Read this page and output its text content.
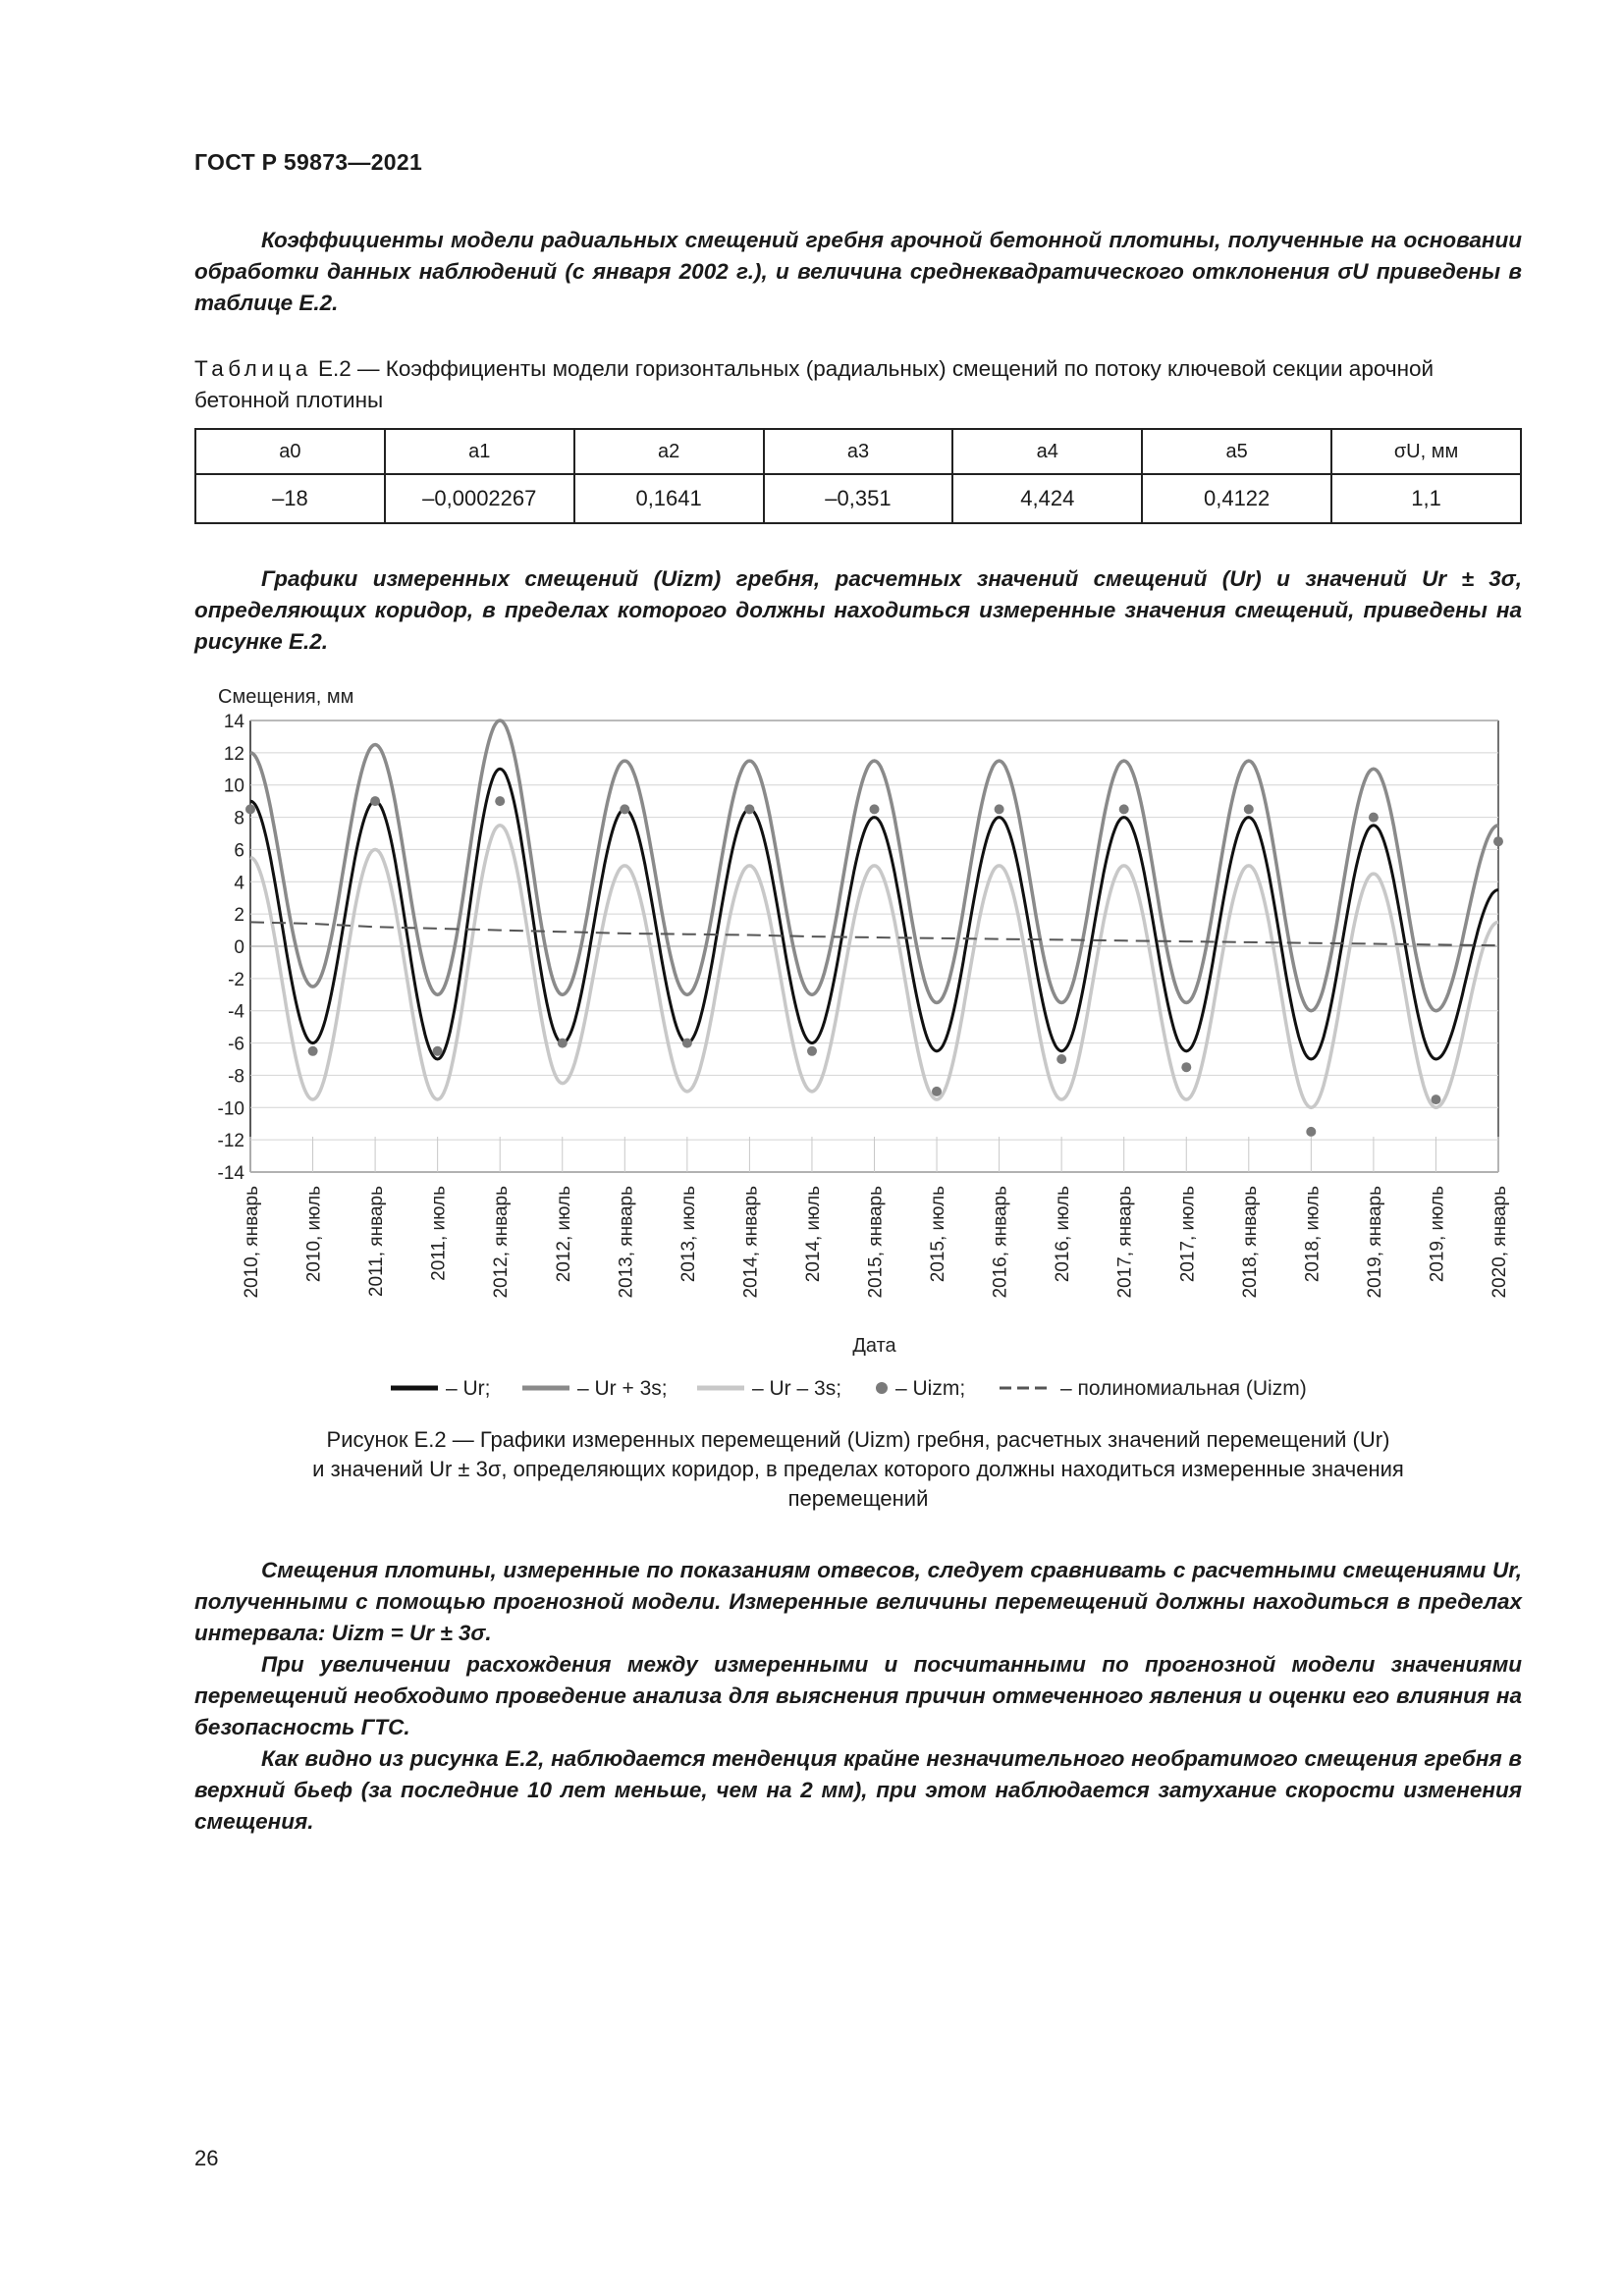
ГОСТ Р 59873—2021

Коэффициенты модели радиальных смещений гребня арочной бетонной плотины, полученные на основании обработки данных наблюдений (с января 2002 г.), и величина среднеквадратического отклонения σU приведены в таблице Е.2.

Таблица Е.2 — Коэффициенты модели горизонтальных (радиальных) смещений по потоку ключевой секции арочной бетонной плотины
a0	a1	a2	a3	a4	a5	σU, мм
–18	–0,0002267	0,1641	–0,351	4,424	0,4122	1,1

Графики измеренных смещений (Uizm) гребня, расчетных значений смещений (Ur) и значений Ur ± 3σ, определяющих коридор, в пределах которого должны находиться измеренные значения смещений, приведены на рисунке Е.2.

14
12
10
8
6
4
2
0
-2
-4
-6
-8
-10
-12
-14
Смещения, мм
2010, январь 2010, июль 2011, январь 2011, июль 2012, январь 2012, июль 2013, январь 2013, июль 2014, январь 2014, июль 2015, январь 2015, июль 2016, январь 2016, июль 2017, январь 2017, июль 2018, январь 2018, июль 2019, январь 2019, июль 2020, январь
Дата
– Ur;	– Ur + 3s;	– Ur – 3s;	– Uizm;	– полиномиальная (Uizm)
Рисунок Е.2 — Графики измеренных перемещений (Uizm) гребня, расчетных значений перемещений (Ur)
и значений Ur ± 3σ, определяющих коридор, в пределах которого должны находиться измеренные значения
перемещений

Смещения плотины, измеренные по показаниям отвесов, следует сравнивать с расчетными смещениями Ur, полученными с помощью прогнозной модели. Измеренные величины перемещений должны находиться в пределах интервала: Uizm = Ur ± 3σ.

При увеличении расхождения между измеренными и посчитанными по прогнозной модели значениями перемещений необходимо проведение анализа для выяснения причин отмеченного явления и оценки его влияния на безопасность ГТС.

Как видно из рисунка Е.2, наблюдается тенденция крайне незначительного необратимого смещения гребня в верхний бьеф (за последние 10 лет меньше, чем на 2 мм), при этом наблюдается затухание скорости изменения смещения.

26
